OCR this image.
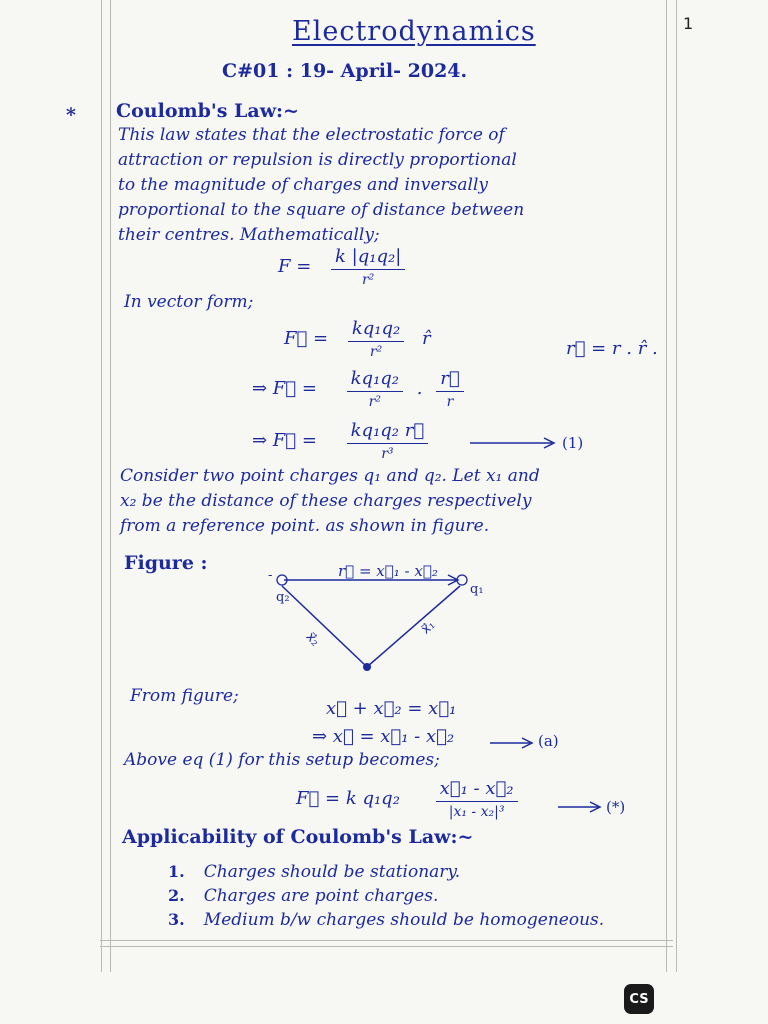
1
Electrodynamics
C#01 : 19- April- 2024.
* Coulomb's Law:~
This law states that the electrostatic force of
attraction or repulsion is directly proportional
to the magnitude of charges and inversally
proportional to the square of distance between
their centres. Mathematically;
$F = \frac{\text{k |q₁q₂|}}{\text{r²}}$
In vector form;
F⃗ = $\frac{\text{kq₁q₂}}{\text{r²}}$ r̂	r⃗ = r . r̂ .
⇒ F⃗ = $\frac{\text{kq₁q₂}}{\text{r²}}$ . $\frac{r⃗}{r}$
⇒ F⃗ = $\frac{\text{kq₁q₂ r⃗}}{\text{r³}}$	(1)
Consider two point charges q₁ and q₂. Let x₁ and
x₂ be the distance of these charges respectively
from a reference point. as shown in figure.
Figure :	r⃗ = x⃗₁ - x⃗₂
-
q₂
q₁
x⃗₂
x⃗₁
From figure;
x⃗ + x⃗₂ = x⃗₁
⇒ x⃗ = x⃗₁ - x⃗₂	(a)
Above eq (1) for this setup becomes;
F⃗ = k $q_1q_2 \frac{\text{x⃗₁ - x⃗₂}}{\text{|x₁ - x₂|³}}$	(*)
Applicability of Coulomb's Law:~
1. Charges should be stationary.
2. Charges are point charges.
3. Medium b/w charges should be homogeneous.
CS
